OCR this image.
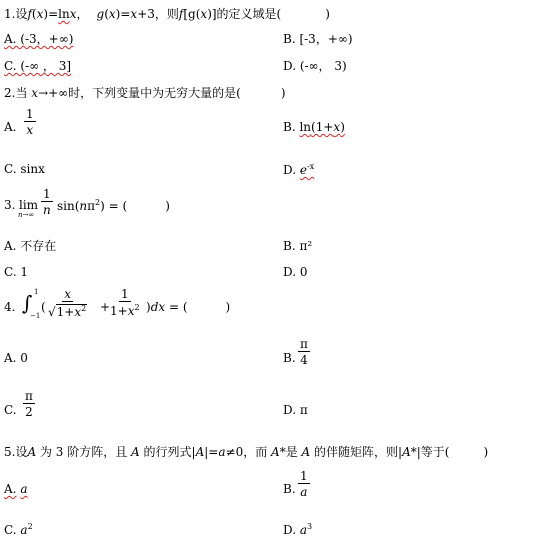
1.设f(x)=lnx， g(x)=x+3，则f[g(x)]的定义域是(	)
A. (-3，+∞)	B. [-3，+∞)
C. (-∞ ， 3]	D. (-∞， 3)
2.当 x→+∞时，下列变量中为无穷大量的是(	)
A. $\frac{1}{x}$	B. ln(1+x)
C. sinx	D. $e^{-x}$
3. lim
$n\to\infty \frac{1}{n} \sin(n\pi^2)$ = (	)
A. 不存在	B. π²
C. 1	D. 0
4. ∫ 1
−1
( $\frac{x}{√ 1+x^2} + \frac{1}{1+x^2} )dx$ = (	)
A. 0	B. $\frac{\pi}{4}$
C. $\frac{\pi}{2}$	D. π
5.设A 为 3 阶方阵，且 A 的行列式|A|=a≠0，而 A*是 A 的伴随矩阵，则|A*|等于(	)
A. a	B. $\frac{1}{a}$
C. $a^2$	D. $a^3$
